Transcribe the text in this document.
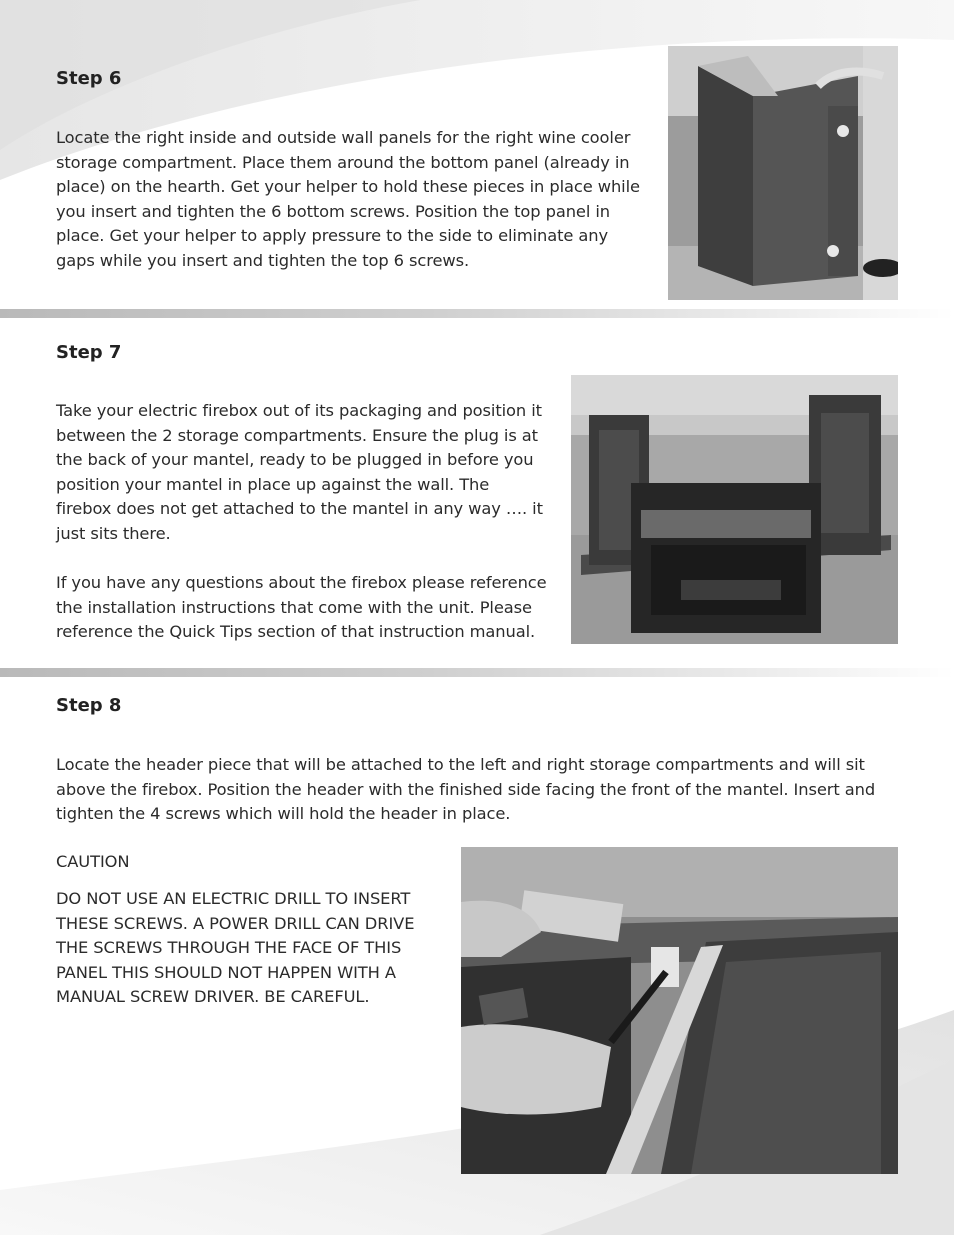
Step 6

Locate the right inside and outside wall panels for the right wine cooler storage compartment. Place them around the bottom panel (already in place) on the hearth. Get your helper to hold these pieces in place while you insert and tighten the 6 bottom screws. Position the top panel in place. Get your helper to apply pressure to the side to eliminate any gaps while you insert and tighten the top 6 screws.

Step 7

Take your electric firebox out of its packaging and position it between the 2 storage compartments. Ensure the plug is at the back of your mantel, ready to be plugged in before you position your mantel in place up against the wall. The firebox does not get attached to the mantel in any way …. it just sits there.

If you have any questions about the firebox please reference the installation instructions that come with the unit. Please reference the Quick Tips section of that instruction manual.

Step 8

Locate the header piece that will be attached to the left and right storage compartments and will sit above the firebox. Position the header with the finished side facing the front of the mantel. Insert and tighten the 4 screws which will hold the header in place.

CAUTION

DO NOT USE AN ELECTRIC DRILL TO INSERT THESE SCREWS. A POWER DRILL CAN DRIVE THE SCREWS THROUGH THE FACE OF THIS PANEL THIS SHOULD NOT HAPPEN WITH A MANUAL SCREW DRIVER. BE CAREFUL.
